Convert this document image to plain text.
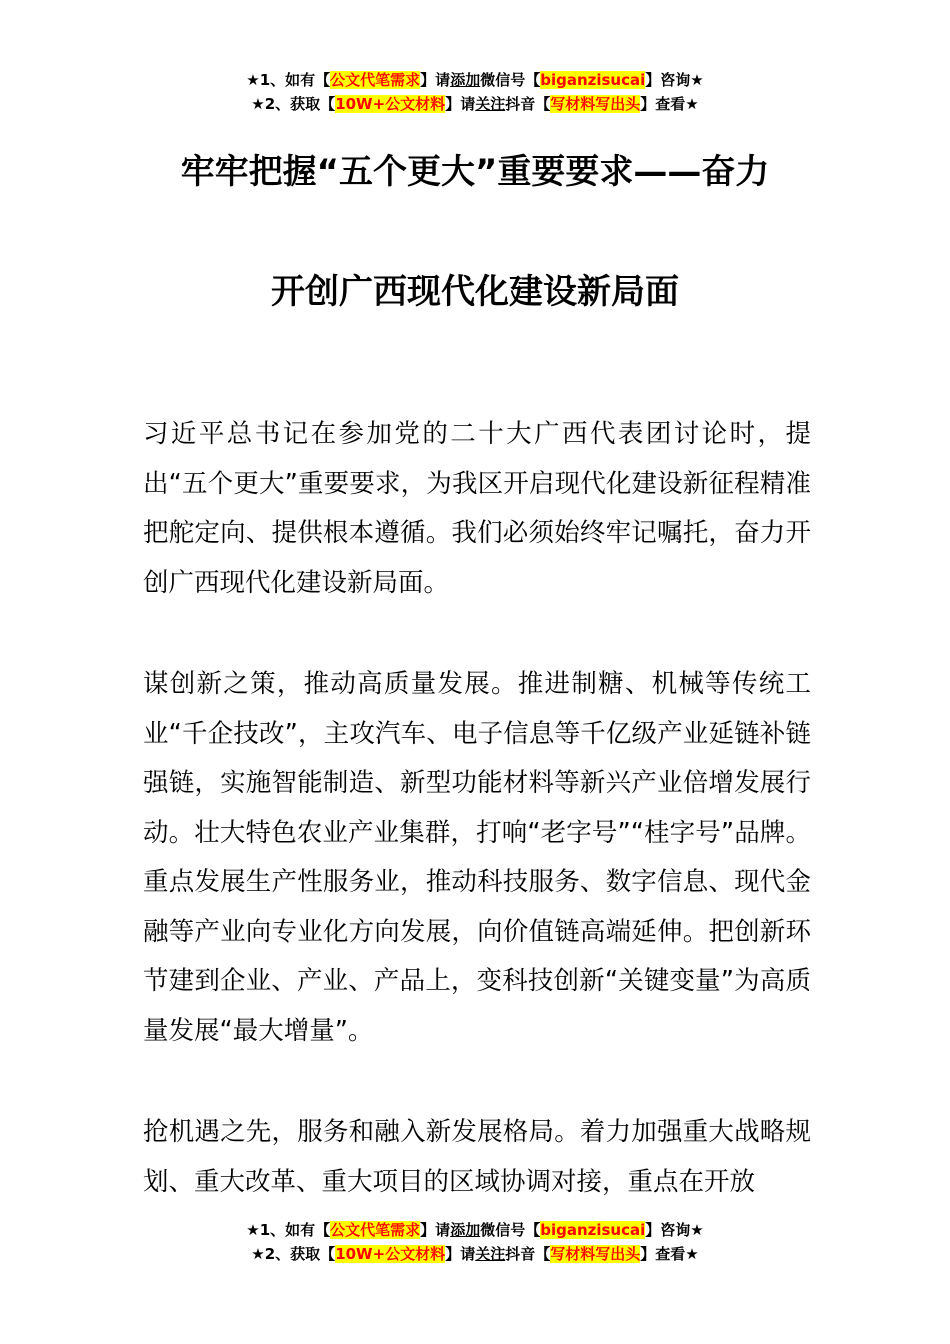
★1、如有【公文代笔需求】请添加微信号【biganzisucai】咨询★
★2、获取【10W+公文材料】请关注抖音【写材料写出头】查看★
牢牢把握“五个更大”重要要求——奋力
开创广西现代化建设新局面
习近平总书记在参加党的二十大广西代表团讨论时，提出“五个更大”重要要求，为我区开启现代化建设新征程精准把舵定向、提供根本遵循。我们必须始终牢记嘱托，奋力开创广西现代化建设新局面。
谋创新之策，推动高质量发展。推进制糖、机械等传统工业“千企技改”，主攻汽车、电子信息等千亿级产业延链补链强链，实施智能制造、新型功能材料等新兴产业倍增发展行动。壮大特色农业产业集群，打响“老字号”“桂字号”品牌。重点发展生产性服务业，推动科技服务、数字信息、现代金融等产业向专业化方向发展，向价值链高端延伸。把创新环节建到企业、产业、产品上，变科技创新“关键变量”为高质量发展“最大增量”。
抢机遇之先，服务和融入新发展格局。着力加强重大战略规划、重大改革、重大项目的区域协调对接，重点在开放
★1、如有【公文代笔需求】请添加微信号【biganzisucai】咨询★
★2、获取【10W+公文材料】请关注抖音【写材料写出头】查看★
